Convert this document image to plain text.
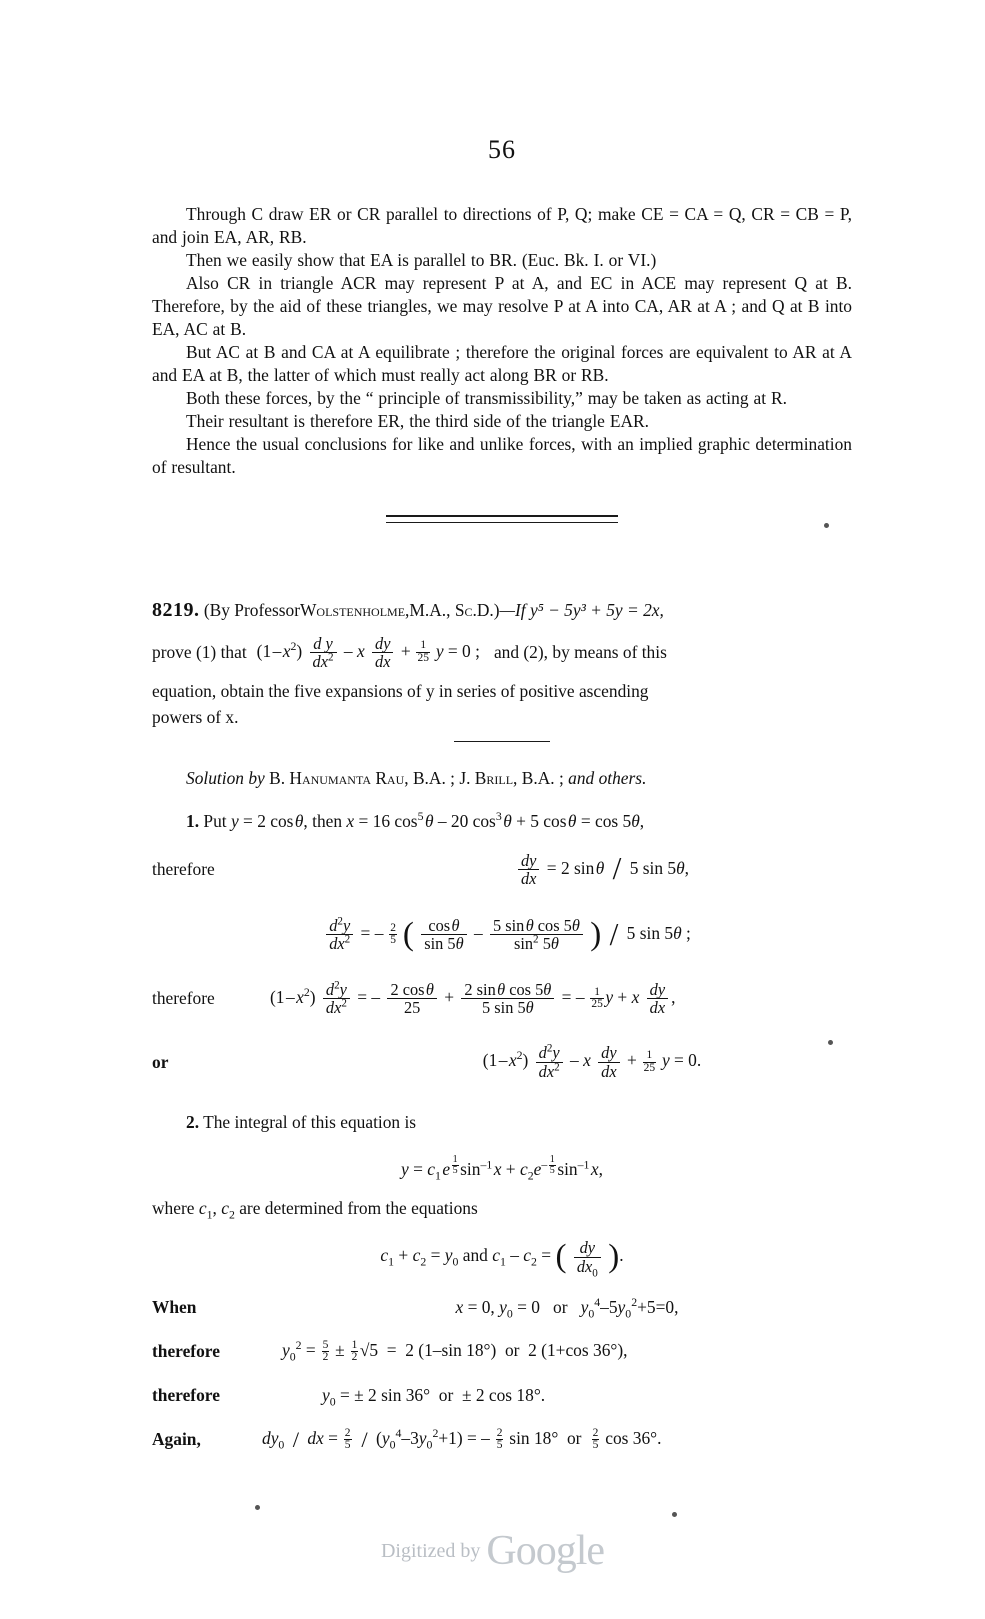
56

Through C draw ER or CR parallel to directions of P, Q; make CE = CA = Q, CR = CB = P, and join EA, AR, RB.

Then we easily show that EA is parallel to BR. (Euc. Bk. I. or VI.)

Also CR in triangle ACR may represent P at A, and EC in ACE may represent Q at B. Therefore, by the aid of these triangles, we may resolve P at A into CA, AR at A ; and Q at B into EA, AC at B.

But AC at B and CA at A equilibrate ; therefore the original forces are equivalent to AR at A and EA at B, the latter of which must really act along BR or RB.

Both these forces, by the “ principle of transmissibility,” may be taken as acting at R.

Their resultant is therefore ER, the third side of the triangle EAR.

Hence the usual conclusions for like and unlike forces, with an implied graphic determination of resultant.

8219. (By ProfessorWolstenholme,M.A., Sc.D.)—If y⁵ − 5y³ + 5y = 2x,
prove (1) that (1 – $x^2) \frac{\text{d y}}{dx^2} - x \frac{dy}{dx} + \frac{1}{25}$ y = 0 ; and (2), by means of this
equation, obtain the five expansions of y in series of positive ascending
powers of x.
Solution by B. Hanumanta Rau, B.A. ; J. Brill, B.A. ; and others.
1. Put y = 2 cos θ, then x = 16 $\cos^5$ θ – 20 $\cos^3$ θ + 5 cos θ = cos 5θ,
therefore	$\frac{dy}{dx} = 2$ sin θ / 5 sin 5θ,
$\frac{d^2y}{dx^2}$ = – $\frac{2}{5}$ ( $\frac{\text{cos θ}}{\sin 5\theta} - \frac{\text{5 sin θ cos 5θ}}{\sin^2 5\theta}$ ) / 5 sin 5θ ;
therefore	(1 – $x^2) \frac{d^2y}{dx^2}$ = – $\frac{\text{2 cos θ}}{25} + \frac{\text{2 sin θ cos 5θ}}{5 \sin 5\theta}$ = – $\frac{1}{25}$ y + x $\frac{dy}{dx}$ ,
or	(1 – $x^2) \frac{d^2y}{dx^2} - x \frac{dy}{dx} + \frac{1}{25}$ y = 0.
2. The integral of this equation is
$y = c_1$ e $^{\frac{1}{5}}$ $\sin^{-1}$ $x + c_2e^{- \frac{1}{5}}$ $\sin^{-1}$ x,
where $c_1$, $c_2$ are determined from the equations
$c_1 + c_2 = y_0$ and $c_1 - c_2$ = ( $\frac{dy}{dx_0}$ ).
When	x = 0, $y_0 = 0$   or   $y_0^4-5y_0^2+5=0$,
therefore	$y_0^2 = \frac{5}{2} \pm \frac{1}{2} √5 = 2$ (1–sin 18°)  or  2 (1+cos 36°),
therefore	$y_0$ = ± 2 sin 36°  or  ± 2 cos 18°.
Again,	$dy_0$ / dx = $\frac{2}{5} / (y_0^4-3y_0^2+1)$ = – $\frac{2}{5}$ sin 18°  or $\frac{2}{5}$ cos 36°.
Digitized by Google
